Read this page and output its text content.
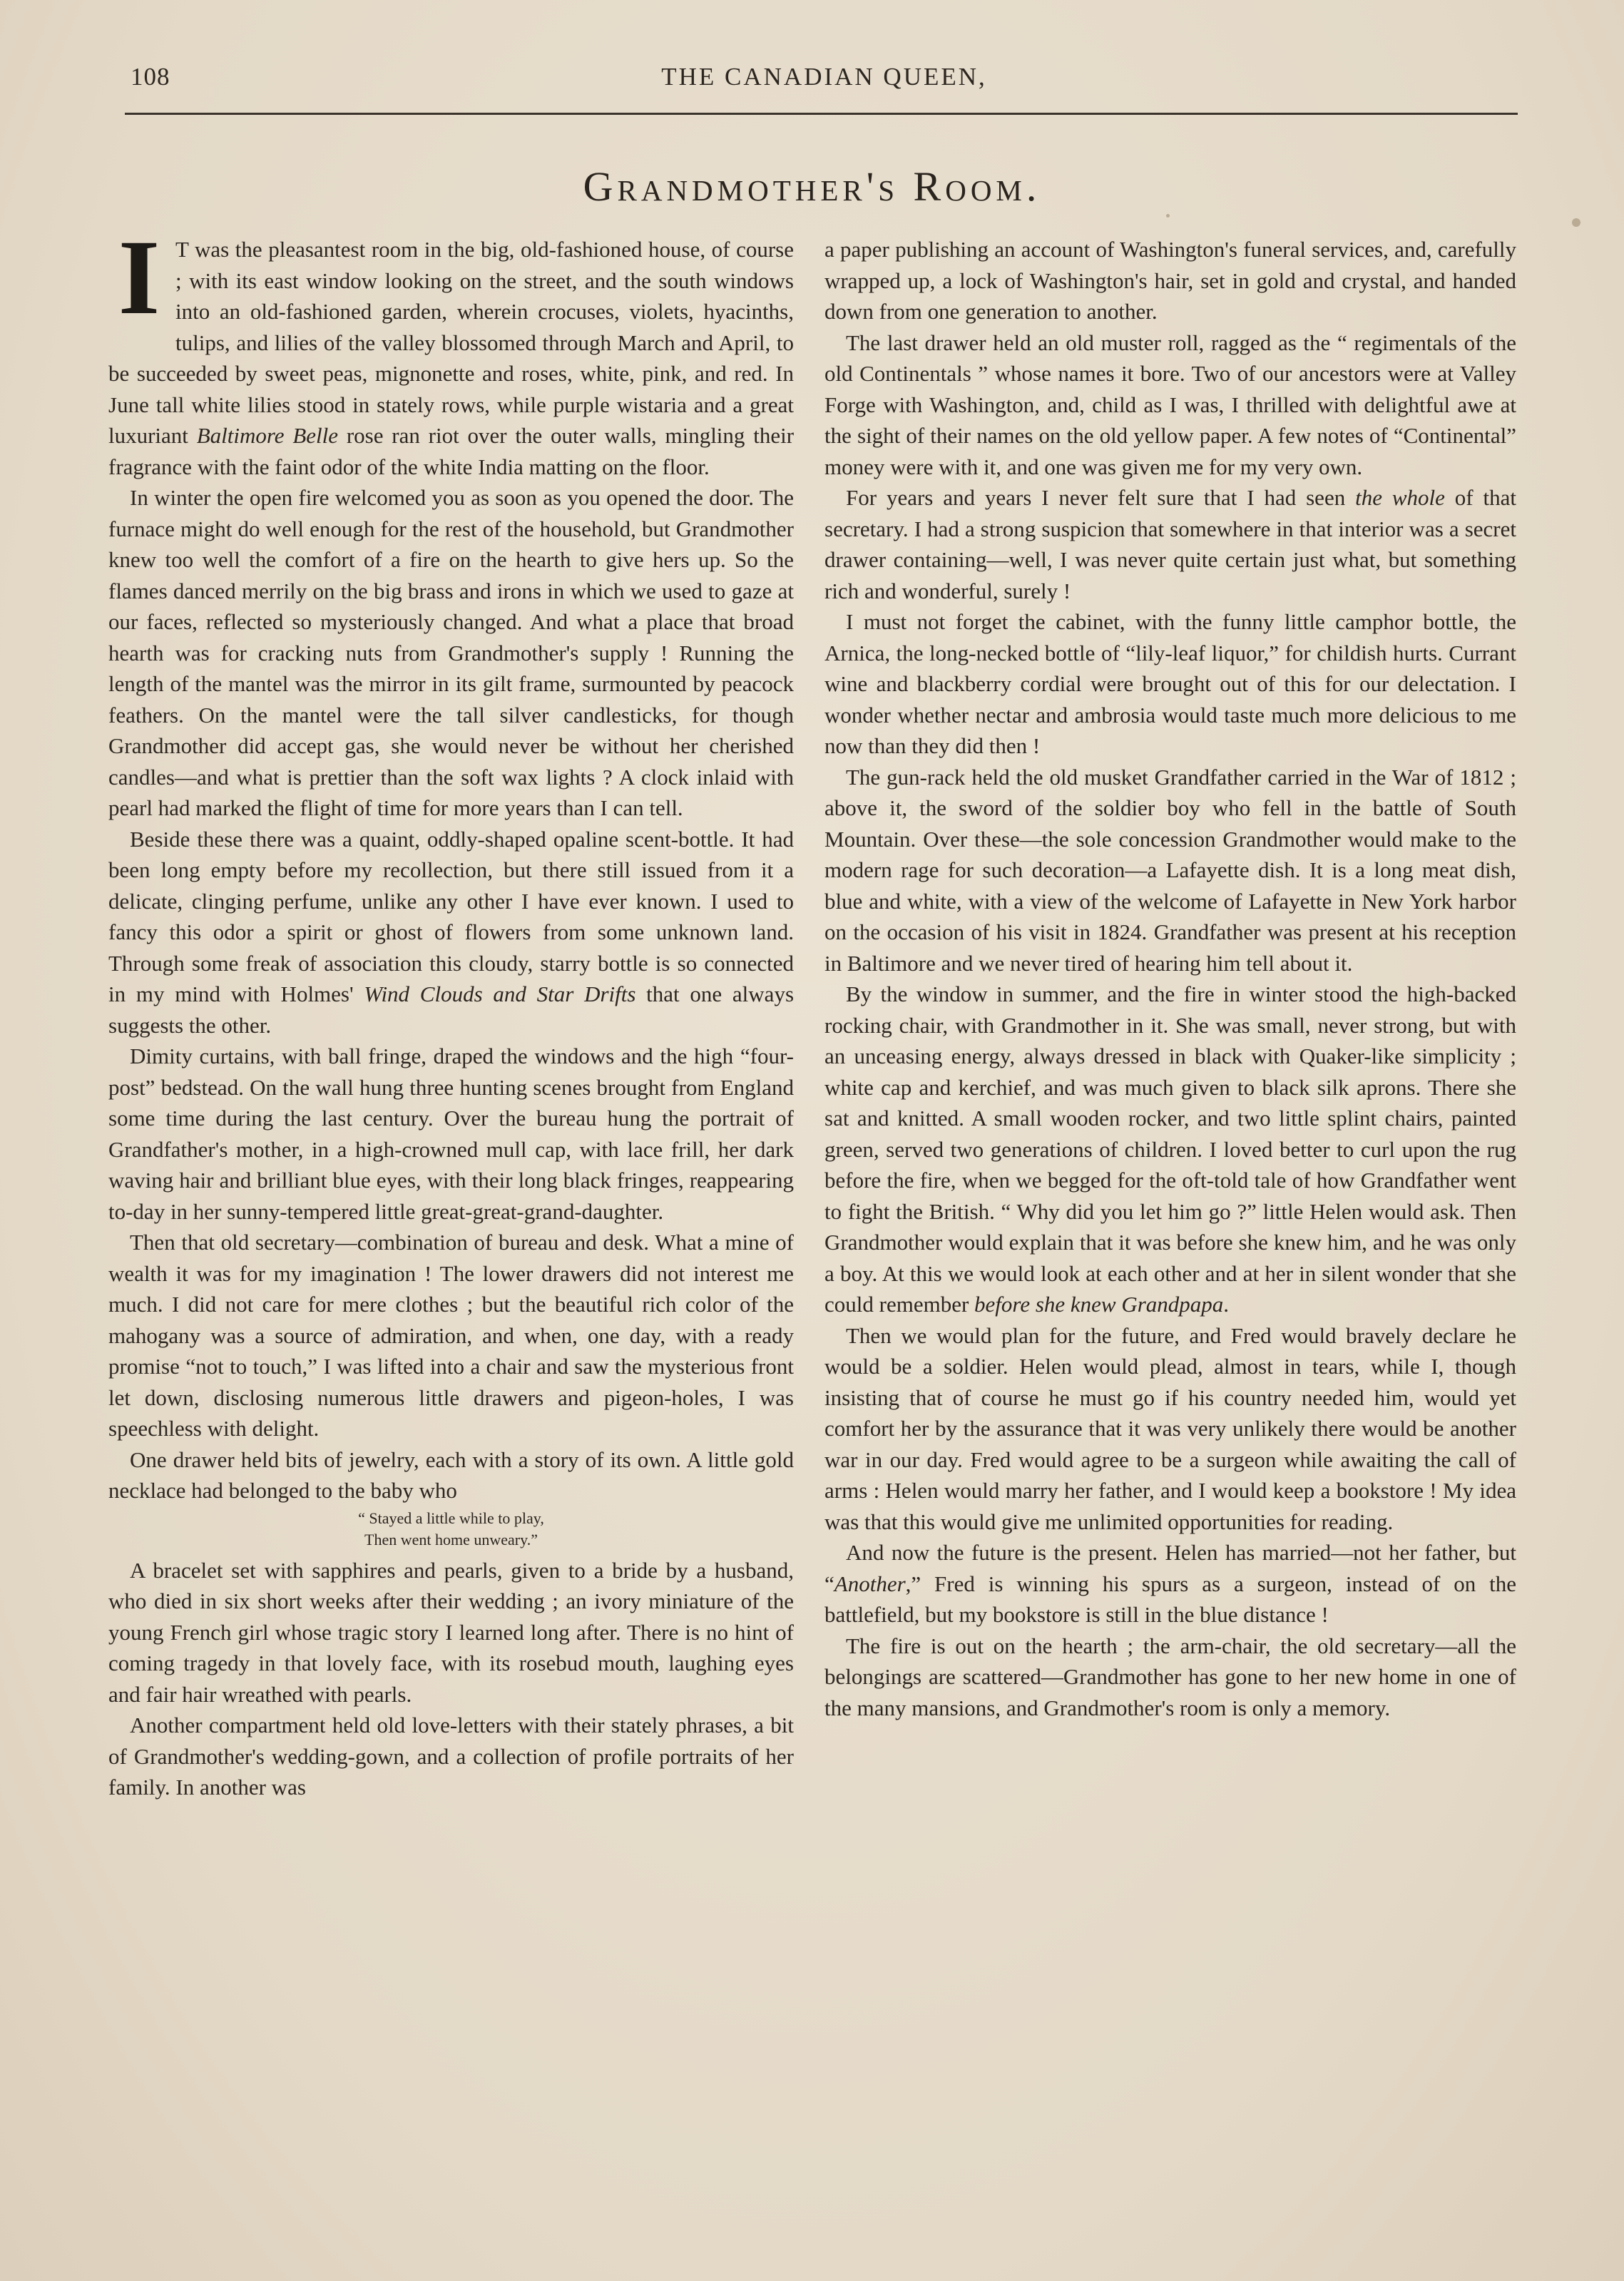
108	THE CANADIAN QUEEN,
Grandmother's Room.
I T was the pleasantest room in the big, old-fashioned house, of course ; with its east window looking on the street, and the south windows into an old-fashioned garden, wherein crocuses, violets, hyacinths, tulips, and lilies of the valley blossomed through March and April, to be succeeded by sweet peas, mignonette and roses, white, pink, and red. In June tall white lilies stood in stately rows, while purple wistaria and a great luxuriant Baltimore Belle rose ran riot over the outer walls, mingling their fragrance with the faint odor of the white India matting on the floor.

In winter the open fire welcomed you as soon as you opened the door. The furnace might do well enough for the rest of the household, but Grandmother knew too well the comfort of a fire on the hearth to give hers up. So the flames danced merrily on the big brass and irons in which we used to gaze at our faces, reflected so mysteriously changed. And what a place that broad hearth was for cracking nuts from Grandmother's supply ! Running the length of the mantel was the mirror in its gilt frame, surmounted by peacock feathers. On the mantel were the tall silver candlesticks, for though Grandmother did accept gas, she would never be without her cherished candles—and what is prettier than the soft wax lights ? A clock inlaid with pearl had marked the flight of time for more years than I can tell.

Beside these there was a quaint, oddly-shaped opaline scent-bottle. It had been long empty before my recollection, but there still issued from it a delicate, clinging perfume, unlike any other I have ever known. I used to fancy this odor a spirit or ghost of flowers from some unknown land. Through some freak of association this cloudy, starry bottle is so connected in my mind with Holmes' Wind Clouds and Star Drifts that one always suggests the other.

Dimity curtains, with ball fringe, draped the windows and the high “four-post” bedstead. On the wall hung three hunting scenes brought from England some time during the last century. Over the bureau hung the portrait of Grandfather's mother, in a high-crowned mull cap, with lace frill, her dark waving hair and brilliant blue eyes, with their long black fringes, reappearing to-day in her sunny-tempered little great-great-grand-daughter.

Then that old secretary—combination of bureau and desk. What a mine of wealth it was for my imagination ! The lower drawers did not interest me much. I did not care for mere clothes ; but the beautiful rich color of the mahogany was a source of admiration, and when, one day, with a ready promise “not to touch,” I was lifted into a chair and saw the mysterious front let down, disclosing numerous little drawers and pigeon-holes, I was speechless with delight.

One drawer held bits of jewelry, each with a story of its own. A little gold necklace had belonged to the baby who

“ Stayed a little while to play,
Then went home unweary.”

A bracelet set with sapphires and pearls, given to a bride by a husband, who died in six short weeks after their wedding ; an ivory miniature of the young French girl whose tragic story I learned long after. There is no hint of coming tragedy in that lovely face, with its rosebud mouth, laughing eyes and fair hair wreathed with pearls.

Another compartment held old love-letters with their stately phrases, a bit of Grandmother's wedding-gown, and a collection of profile portraits of her family. In another was

a paper publishing an account of Washington's funeral services, and, carefully wrapped up, a lock of Washington's hair, set in gold and crystal, and handed down from one generation to another.

The last drawer held an old muster roll, ragged as the “ regimentals of the old Continentals ” whose names it bore. Two of our ancestors were at Valley Forge with Washington, and, child as I was, I thrilled with delightful awe at the sight of their names on the old yellow paper. A few notes of “Continental” money were with it, and one was given me for my very own.

For years and years I never felt sure that I had seen the whole of that secretary. I had a strong suspicion that somewhere in that interior was a secret drawer containing—well, I was never quite certain just what, but something rich and wonderful, surely !

I must not forget the cabinet, with the funny little camphor bottle, the Arnica, the long-necked bottle of “lily-leaf liquor,” for childish hurts. Currant wine and blackberry cordial were brought out of this for our delectation. I wonder whether nectar and ambrosia would taste much more delicious to me now than they did then !

The gun-rack held the old musket Grandfather carried in the War of 1812 ; above it, the sword of the soldier boy who fell in the battle of South Mountain. Over these—the sole concession Grandmother would make to the modern rage for such decoration—a Lafayette dish. It is a long meat dish, blue and white, with a view of the welcome of Lafayette in New York harbor on the occasion of his visit in 1824. Grandfather was present at his reception in Baltimore and we never tired of hearing him tell about it.

By the window in summer, and the fire in winter stood the high-backed rocking chair, with Grandmother in it. She was small, never strong, but with an unceasing energy, always dressed in black with Quaker-like simplicity ; white cap and kerchief, and was much given to black silk aprons. There she sat and knitted. A small wooden rocker, and two little splint chairs, painted green, served two generations of children. I loved better to curl upon the rug before the fire, when we begged for the oft-told tale of how Grandfather went to fight the British. “ Why did you let him go ?” little Helen would ask. Then Grandmother would explain that it was before she knew him, and he was only a boy. At this we would look at each other and at her in silent wonder that she could remember before she knew Grandpapa.

Then we would plan for the future, and Fred would bravely declare he would be a soldier. Helen would plead, almost in tears, while I, though insisting that of course he must go if his country needed him, would yet comfort her by the assurance that it was very unlikely there would be another war in our day. Fred would agree to be a surgeon while awaiting the call of arms : Helen would marry her father, and I would keep a bookstore ! My idea was that this would give me unlimited opportunities for reading.

And now the future is the present. Helen has married—not her father, but “Another,” Fred is winning his spurs as a surgeon, instead of on the battlefield, but my bookstore is still in the blue distance !

The fire is out on the hearth ; the arm-chair, the old secretary—all the belongings are scattered—Grandmother has gone to her new home in one of the many mansions, and Grandmother's room is only a memory.
